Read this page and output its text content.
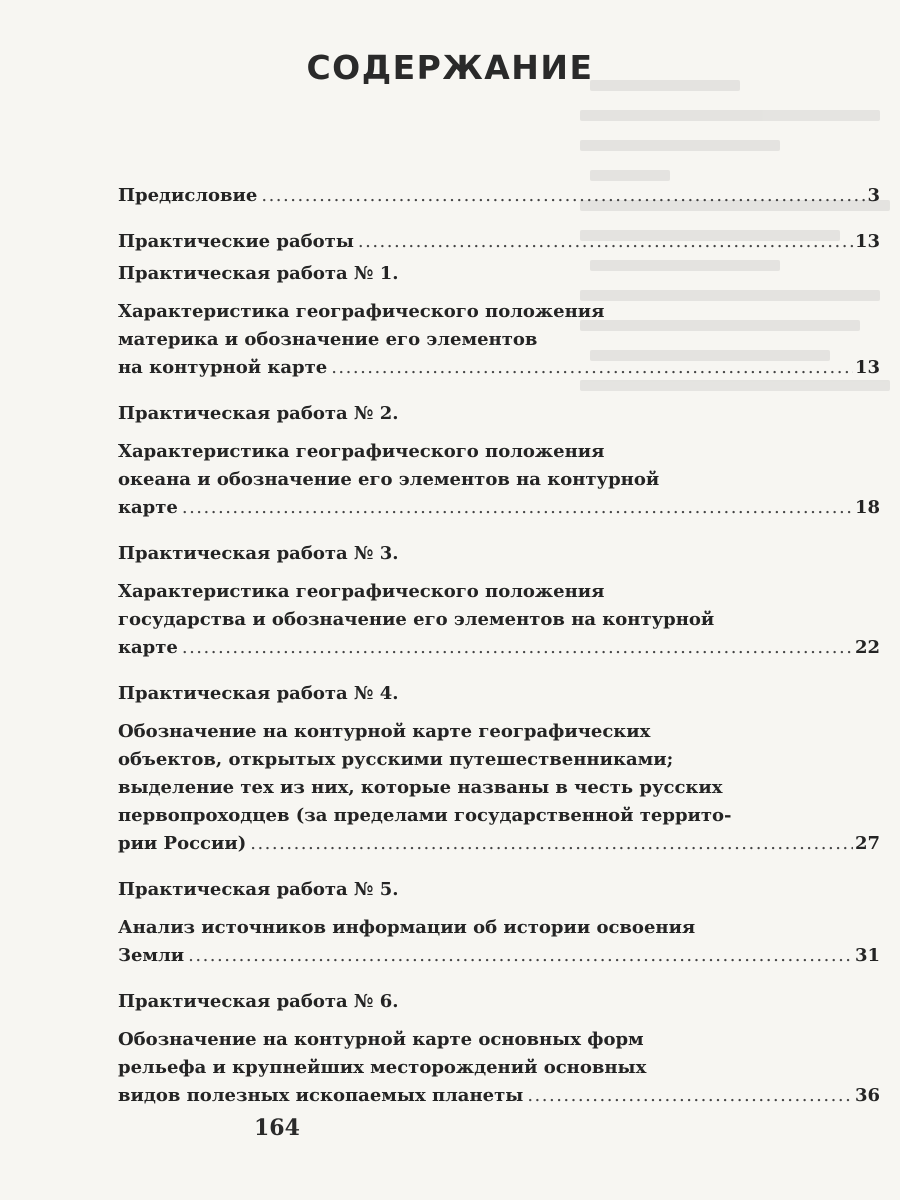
СОДЕРЖАНИЕ
Предисловие .....	3
Практические работы .....	13
Практическая работа № 1.
Характеристика географического положения
материка и обозначение его элементов
на контурной карте .....	13
Практическая работа № 2.
Характеристика географического положения
океана и обозначение его элементов на контурной
карте .....	18
Практическая работа № 3.
Характеристика географического положения
государства и обозначение его элементов на контурной
карте .....	22
Практическая работа № 4.
Обозначение на контурной карте географических
объектов, открытых русскими путешественниками;
выделение тех из них, которые названы в честь русских
первопроходцев (за пределами государственной террито-
рии России) .....	27
Практическая работа № 5.
Анализ источников информации об истории освоения
Земли .....	31
Практическая работа № 6.
Обозначение на контурной карте основных форм
рельефа и крупнейших месторождений основных
видов полезных ископаемых планеты .....	36
164
